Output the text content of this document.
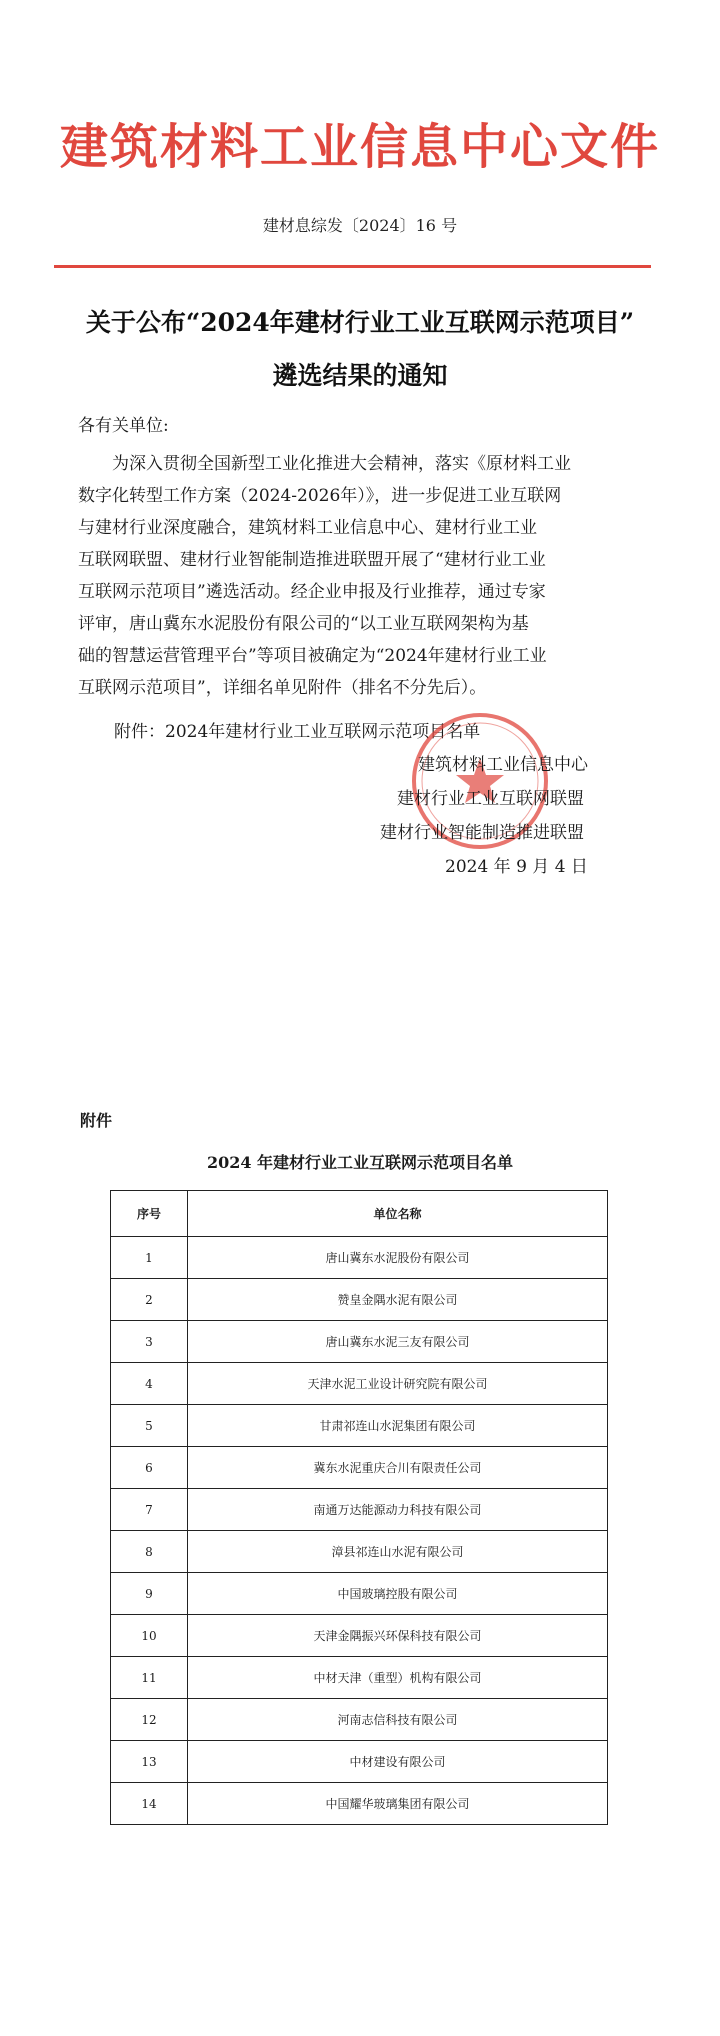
建筑材料工业信息中心文件
建材息综发〔2024〕16 号
关于公布“2024年建材行业工业互联网示范项目”
遴选结果的通知
各有关单位:
　　为深入贯彻全国新型工业化推进大会精神，落实《原材料工业
数字化转型工作方案（2024-2026年）》，进一步促进工业互联网
与建材行业深度融合，建筑材料工业信息中心、建材行业工业
互联网联盟、建材行业智能制造推进联盟开展了“建材行业工业
互联网示范项目”遴选活动。经企业申报及行业推荐，通过专家
评审，唐山冀东水泥股份有限公司的“以工业互联网架构为基
础的智慧运营管理平台”等项目被确定为“2024年建材行业工业
互联网示范项目”，详细名单见附件（排名不分先后）。
附件：2024年建材行业工业互联网示范项目名单
建筑材料工业信息中心
建材行业工业互联网联盟
建材行业智能制造推进联盟
2024 年 9 月 4 日
附件
2024 年建材行业工业互联网示范项目名单
序号	单位名称
1	唐山冀东水泥股份有限公司
2	赞皇金隅水泥有限公司
3	唐山冀东水泥三友有限公司
4	天津水泥工业设计研究院有限公司
5	甘肃祁连山水泥集团有限公司
6	冀东水泥重庆合川有限责任公司
7	南通万达能源动力科技有限公司
8	漳县祁连山水泥有限公司
9	中国玻璃控股有限公司
10	天津金隅振兴环保科技有限公司
11	中材天津（重型）机构有限公司
12	河南志信科技有限公司
13	中材建设有限公司
14	中国耀华玻璃集团有限公司
